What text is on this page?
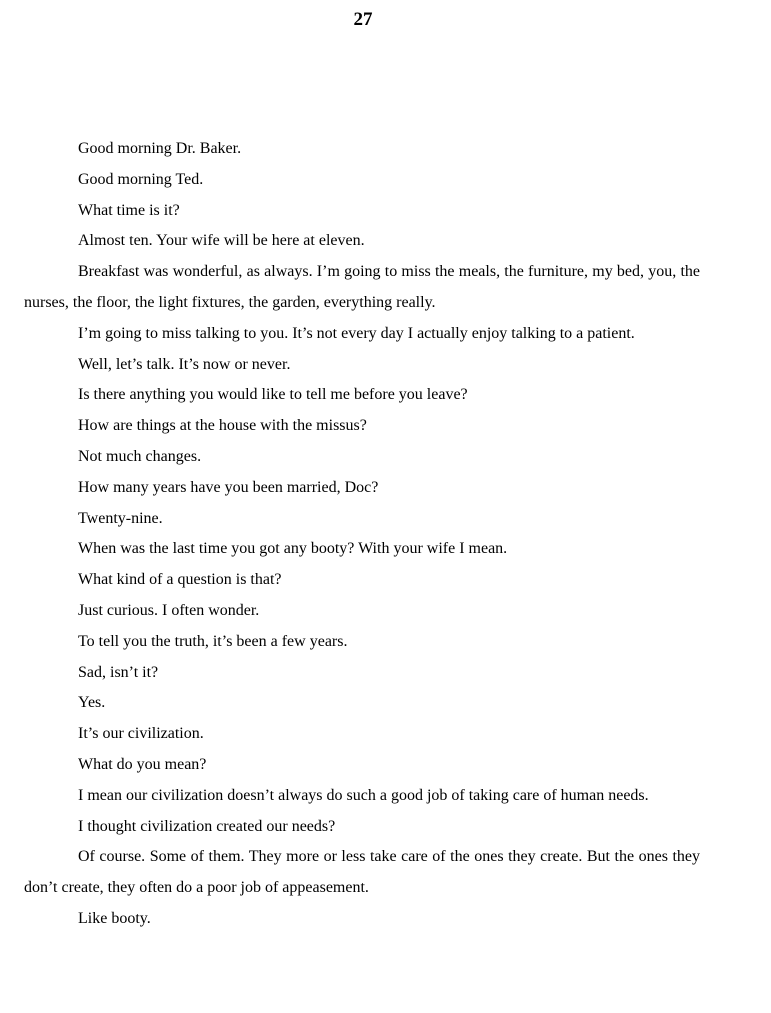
27

Good morning Dr. Baker.

Good morning Ted.

What time is it?

Almost ten. Your wife will be here at eleven.

Breakfast was wonderful, as always. I’m going to miss the meals, the furniture, my bed, you, the nurses, the floor, the light fixtures, the garden, everything really.

I’m going to miss talking to you. It’s not every day I actually enjoy talking to a patient.

Well, let’s talk. It’s now or never.

Is there anything you would like to tell me before you leave?

How are things at the house with the missus?

Not much changes.

How many years have you been married, Doc?

Twenty-nine.

When was the last time you got any booty? With your wife I mean.

What kind of a question is that?

Just curious. I often wonder.

To tell you the truth, it’s been a few years.

Sad, isn’t it?

Yes.

It’s our civilization.

What do you mean?

I mean our civilization doesn’t always do such a good job of taking care of human needs.

I thought civilization created our needs?

Of course. Some of them. They more or less take care of the ones they create. But the ones they don’t create, they often do a poor job of appeasement.

Like booty.
